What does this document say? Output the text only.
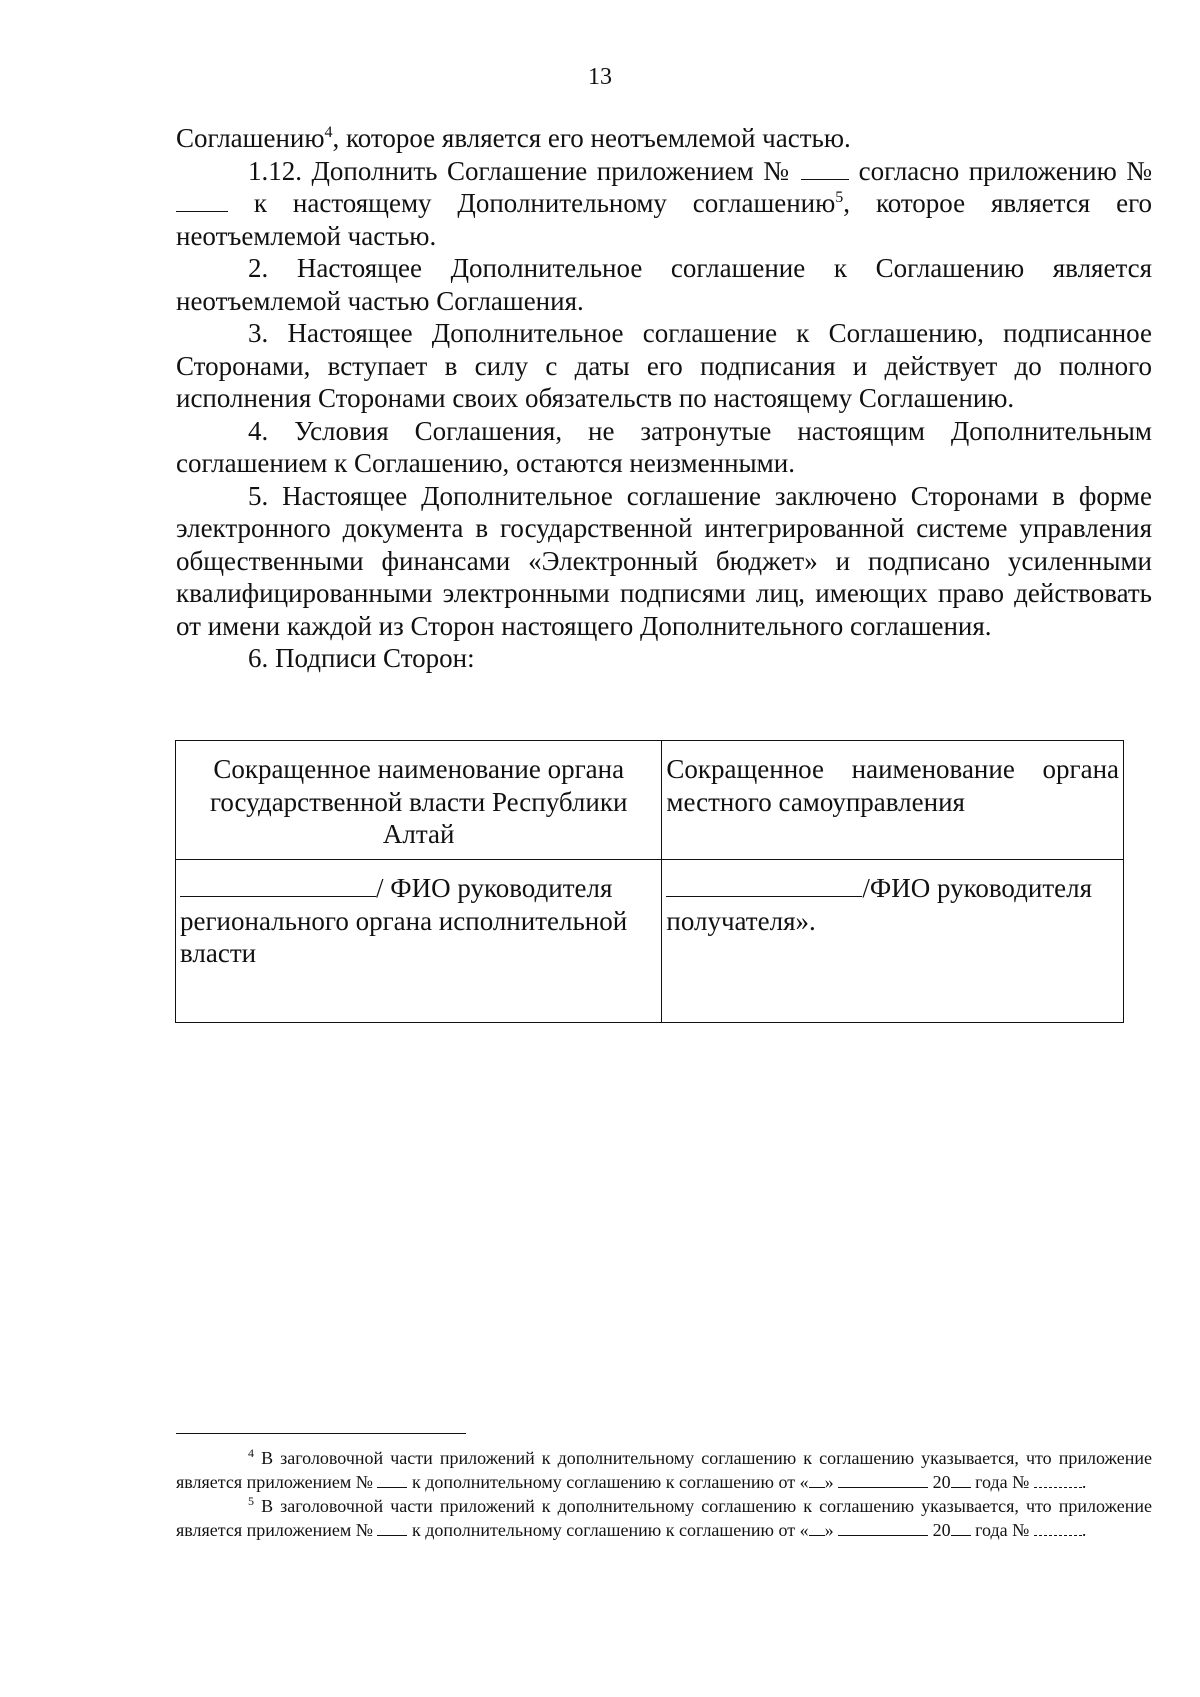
13

Соглашению$^4$, которое является его неотъемлемой частью.

1.12. Дополнить Соглашение приложением №  согласно приложению №  к настоящему Дополнительному соглашению$^5$, которое является его неотъемлемой частью.

2. Настоящее Дополнительное соглашение к Соглашению является неотъемлемой частью Соглашения.

3. Настоящее Дополнительное соглашение к Соглашению, подписанное Сторонами, вступает в силу с даты его подписания и действует до полного исполнения Сторонами своих обязательств по настоящему Соглашению.

4. Условия Соглашения, не затронутые настоящим Дополнительным соглашением к Соглашению, остаются неизменными.

5. Настоящее Дополнительное соглашение заключено Сторонами в форме электронного документа в государственной интегрированной системе управления общественными финансами «Электронный бюджет» и подписано усиленными квалифицированными электронными подписями лиц, имеющих право действовать от имени каждой из Сторон настоящего Дополнительного соглашения.

6. Подписи Сторон:

Сокращенное наименование органа государственной власти Республики Алтай	Сокращенное наименование органа местного самоуправления
/ ФИО руководителя регионального органа исполнительной власти	/ФИО руководителя получателя».

$^4$ В заголовочной части приложений к дополнительному соглашению к соглашению указывается, что приложение является приложением №  к дополнительному соглашению к соглашению от « »	20 года №	.

$^5$ В заголовочной части приложений к дополнительному соглашению к соглашению указывается, что приложение является приложением №  к дополнительному соглашению к соглашению от « »	20 года №	.
